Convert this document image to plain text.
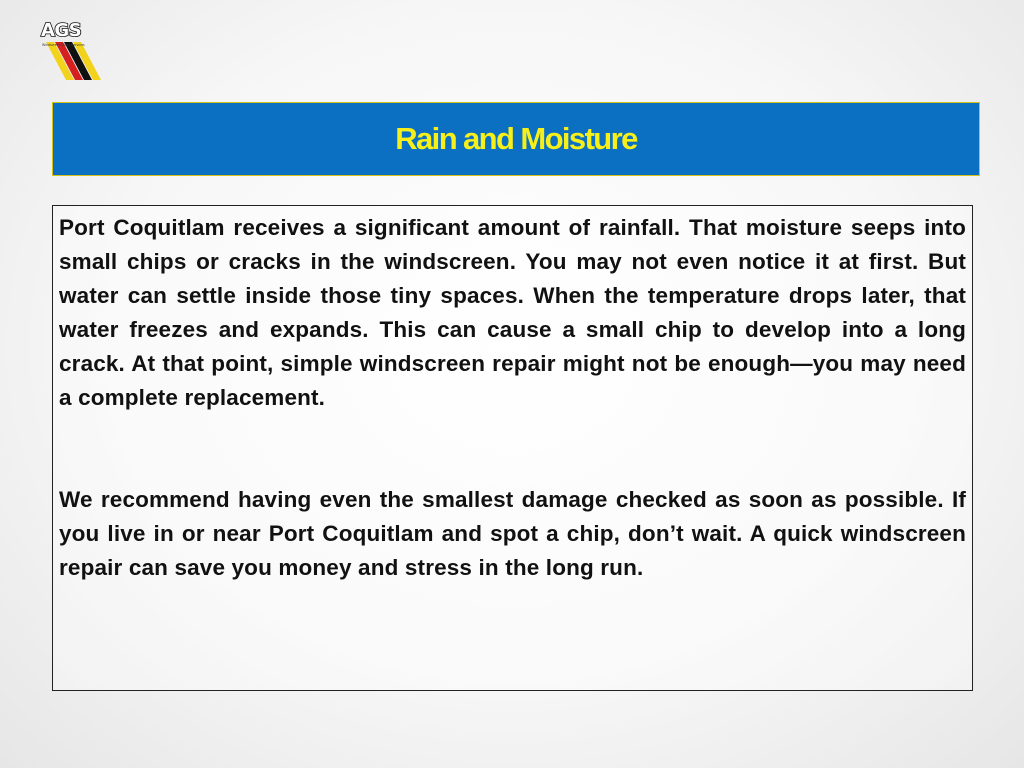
AGS
Windscreen Glass Services
Rain and Moisture

Port Coquitlam receives a significant amount of rainfall. That moisture seeps into small chips or cracks in the windscreen. You may not even notice it at first. But water can settle inside those tiny spaces. When the temperature drops later, that water freezes and expands. This can cause a small chip to develop into a long crack. At that point, simple windscreen repair might not be enough—you may need a complete replacement.

We recommend having even the smallest damage checked as soon as possible. If you live in or near Port Coquitlam and spot a chip, don’t wait. A quick windscreen repair can save you money and stress in the long run.
